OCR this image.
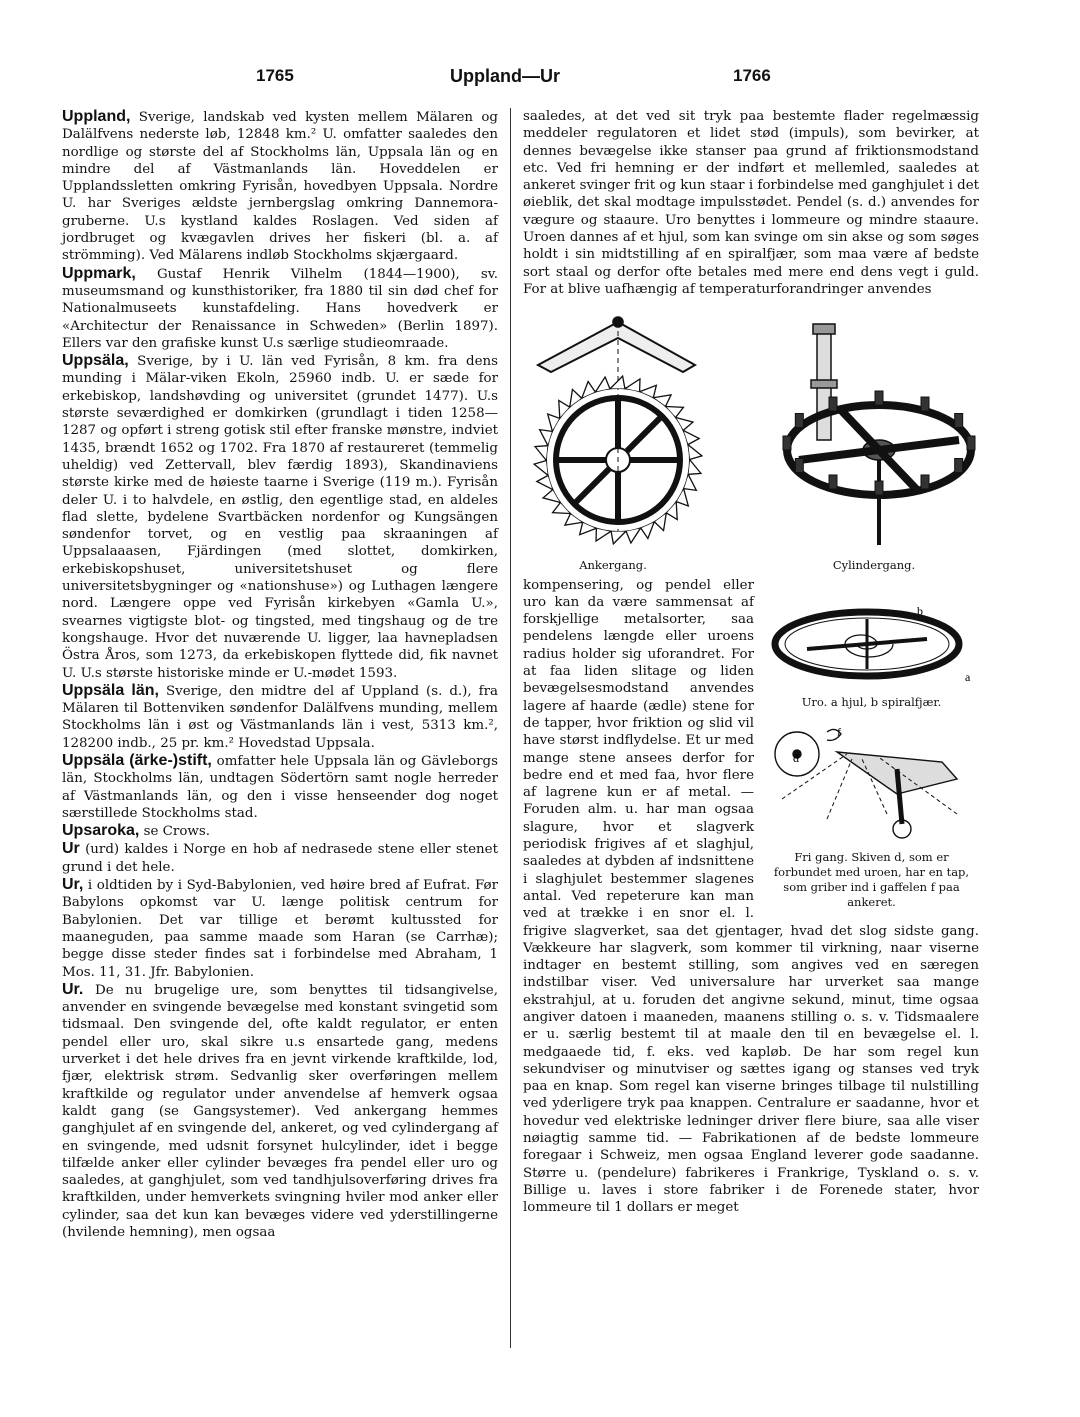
1765	Uppland—Ur	1766

Uppland, Sverige, landskab ved kysten mellem Mälaren og Dalälfvens nederste løb, 12848 km.² U. omfatter saaledes den nordlige og største del af Stockholms län, Uppsala län og en mindre del af Västmanlands län. Hoveddelen er Upplandssletten omkring Fyrisån, hovedbyen Uppsala. Nordre U. har Sveriges ældste jernbergslag omkring Dannemora-gruberne. U.s kystland kaldes Roslagen. Ved siden af jordbruget og kvægavlen drives her fiskeri (bl. a. af strömming). Ved Mälarens indløb Stockholms skjærgaard.

Uppmark, Gustaf Henrik Vilhelm (1844—1900), sv. museumsmand og kunsthistoriker, fra 1880 til sin død chef for Nationalmuseets kunstafdeling. Hans hovedverk er «Architectur der Renaissance in Schweden» (Berlin 1897). Ellers var den grafiske kunst U.s særlige studieomraade.

Uppsäla, Sverige, by i U. län ved Fyrisån, 8 km. fra dens munding i Mälar-viken Ekoln, 25960 indb. U. er sæde for erkebiskop, landshøvding og universitet (grundet 1477). U.s største seværdighed er domkirken (grundlagt i tiden 1258—1287 og opført i streng gotisk stil efter franske mønstre, indviet 1435, brændt 1652 og 1702. Fra 1870 af restaureret (temmelig uheldig) ved Zettervall, blev færdig 1893), Skandinaviens største kirke med de høieste taarne i Sverige (119 m.). Fyrisån deler U. i to halvdele, en østlig, den egentlige stad, en aldeles flad slette, bydelene Svartbäcken nordenfor og Kungsängen søndenfor torvet, og en vestlig paa skraaningen af Uppsalaaasen, Fjärdingen (med slottet, domkirken, erkebiskopshuset, universitetshuset og flere universitetsbygninger og «nationshuse») og Luthagen længere nord. Længere oppe ved Fyrisån kirkebyen «Gamla U.», svearnes vigtigste blot- og tingsted, med tingshaug og de tre kongshauge. Hvor det nuværende U. ligger, laa havnepladsen Östra Åros, som 1273, da erkebiskopen flyttede did, fik navnet U. U.s største historiske minde er U.-mødet 1593.

Uppsäla län, Sverige, den midtre del af Uppland (s. d.), fra Mälaren til Bottenviken søndenfor Dalälfvens munding, mellem Stockholms län i øst og Västmanlands län i vest, 5313 km.², 128200 indb., 25 pr. km.² Hovedstad Uppsala.

Uppsäla (ärke-)stift, omfatter hele Uppsala län og Gävleborgs län, Stockholms län, undtagen Södertörn samt nogle herreder af Västmanlands län, og den i visse henseender dog noget særstillede Stockholms stad.

Upsaroka, se Crows.

Ur (urd) kaldes i Norge en hob af nedrasede stene eller stenet grund i det hele.

Ur, i oldtiden by i Syd-Babylonien, ved høire bred af Eufrat. Før Babylons opkomst var U. længe politisk centrum for Babylonien. Det var tillige et berømt kultussted for maaneguden, paa samme maade som Haran (se Carrhæ); begge disse steder findes sat i forbindelse med Abraham, 1 Mos. 11, 31. Jfr. Babylonien.

Ur. De nu brugelige ure, som benyttes til tidsangivelse, anvender en svingende bevægelse med konstant svingetid som tidsmaal. Den svingende del, ofte kaldt regulator, er enten pendel eller uro, skal sikre u.s ensartede gang, medens urverket i det hele drives fra en jevnt virkende kraftkilde, lod, fjær, elektrisk strøm. Sedvanlig sker overføringen mellem kraftkilde og regulator under anvendelse af hemverk ogsaa kaldt gang (se Gangsystemer). Ved ankergang hemmes ganghjulet af en svingende del, ankeret, og ved cylindergang af en svingende, med udsnit forsynet hulcylinder, idet i begge tilfælde anker eller cylinder bevæges fra pendel eller uro og saaledes, at ganghjulet, som ved tandhjulsoverføring drives fra kraftkilden, under hemverkets svingning hviler mod anker eller cylinder, saa det kun kan bevæges videre ved yderstillingerne (hvilende hemning), men ogsaa

saaledes, at det ved sit tryk paa bestemte flader regelmæssig meddeler regulatoren et lidet stød (impuls), som bevirker, at dennes bevægelse ikke stanser paa grund af friktionsmodstand etc. Ved fri hemning er der indført et mellemled, saaledes at ankeret svinger frit og kun staar i forbindelse med ganghjulet i det øieblik, det skal modtage impulsstødet. Pendel (s. d.) anvendes for vægure og staaure. Uro benyttes i lommeure og mindre staaure. Uroen dannes af et hjul, som kan svinge om sin akse og som søges holdt i sin midtstilling af en spiralfjær, som maa være af bedste sort staal og derfor ofte betales med mere end dens vegt i guld. For at blive uafhængig af temperaturforandringer anvendes

Ankergang.	Cylindergang.
a
b
Uro. a hjul, b spiralfjær.
d
f
Fri gang. Skiven d, som er forbundet med uroen, har en tap, som griber ind i gaffelen f paa ankeret.

kompensering, og pendel eller uro kan da være sammensat af forskjellige metalsorter, saa pendelens længde eller uroens radius holder sig uforandret. For at faa liden slitage og liden bevægelsesmodstand anvendes lagere af haarde (ædle) stene for de tapper, hvor friktion og slid vil have størst indflydelse. Et ur med mange stene ansees derfor for bedre end et med faa, hvor flere af lagrene kun er af metal. — Foruden alm. u. har man ogsaa slagure, hvor et slagverk periodisk frigives af et slaghjul, saaledes at dybden af indsnittene i slaghjulet bestemmer slagenes antal. Ved repeterure kan man ved at trække i en snor el. l. frigive slagverket, saa det gjentager, hvad det slog sidste gang. Vækkeure har slagverk, som kommer til virkning, naar viserne indtager en bestemt stilling, som angives ved en særegen indstilbar viser. Ved universalure har urverket saa mange ekstrahjul, at u. foruden det angivne sekund, minut, time ogsaa angiver datoen i maaneden, maanens stilling o. s. v. Tidsmaalere er u. særlig bestemt til at maale den til en bevægelse el. l. medgaaede tid, f. eks. ved kapløb. De har som regel kun sekundviser og minutviser og sættes igang og stanses ved tryk paa en knap. Som regel kan viserne bringes tilbage til nulstilling ved yderligere tryk paa knappen. Centralure er saadanne, hvor et hovedur ved elektriske ledninger driver flere biure, saa alle viser nøiagtig samme tid. — Fabrikationen af de bedste lommeure foregaar i Schweiz, men ogsaa England leverer gode saadanne. Større u. (pendelure) fabrikeres i Frankrige, Tyskland o. s. v. Billige u. laves i store fabriker i de Forenede stater, hvor lommeure til 1 dollars er meget
